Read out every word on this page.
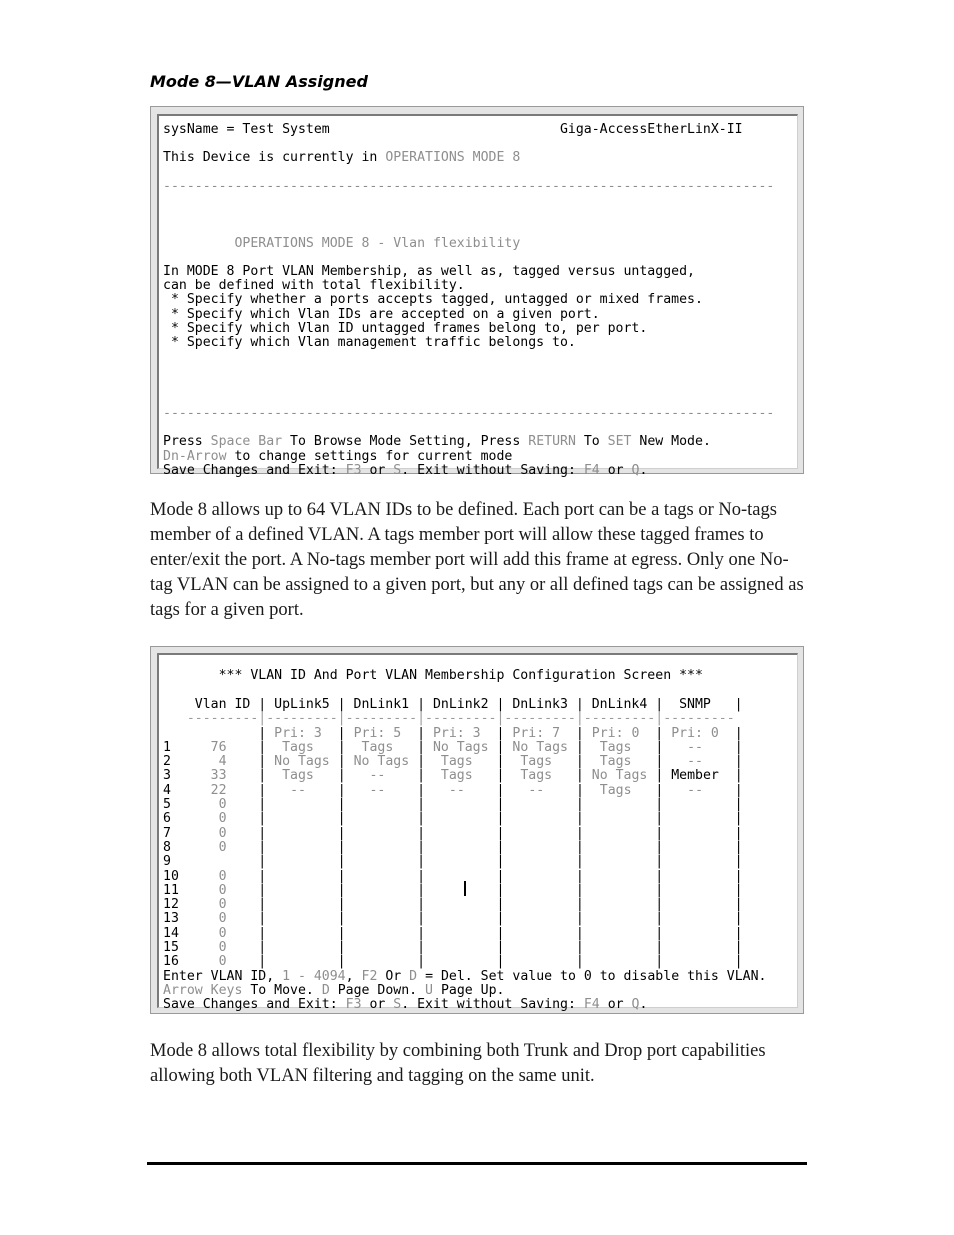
Mode 8—VLAN Assigned
sysName = Test System                             Giga-AccessEtherLinX-II
This Device is currently in OPERATIONS MODE 8
-----------------------------------------------------------------------------
OPERATIONS MODE 8 - Vlan flexibility
In MODE 8 Port VLAN Membership, as well as, tagged versus untagged,
can be defined with total flexibility.
* Specify whether a ports accepts tagged, untagged or mixed frames.
* Specify which Vlan IDs are accepted on a given port.
* Specify which Vlan ID untagged frames belong to, per port.
* Specify which Vlan management traffic belongs to.
-----------------------------------------------------------------------------
Press Space Bar To Browse Mode Setting, Press RETURN To SET New Mode.
Dn-Arrow to change settings for current mode
Save Changes and Exit: F3 or S. Exit without Saving: F4 or Q.
Mode 8 allows up to 64 VLAN IDs to be defined. Each port can be a tags or No-tags member of a defined VLAN. A tags member port will allow these tagged frames to enter/exit the port. A No-tags member port will add this frame at egress. Only one No-tag VLAN can be assigned to a given port, but any or all defined tags can be assigned as tags for a given port.
*** VLAN ID And Port VLAN Membership Configuration Screen ***
Vlan ID | UpLink5 | DnLink1 | DnLink2 | DnLink3 | DnLink4 |  SNMP   |
---------|---------|---------|---------|---------|---------|---------
| Pri: 3  | Pri: 5  | Pri: 3  | Pri: 7  | Pri: 0  | Pri: 0  |
1     76    |  Tags   |  Tags   | No Tags | No Tags |  Tags   |   --    |
2      4    | No Tags | No Tags |  Tags   |  Tags   |  Tags   |   --    |
3     33    |  Tags   |   --    |  Tags   |  Tags   | No Tags | Member  |
4     22    |   --    |   --    |   --    |   --    |  Tags   |   --    |
5      0    |         |         |         |         |         |         |
6      0    |         |         |         |         |         |         |
7      0    |         |         |         |         |         |         |
8      0    |         |         |         |         |         |         |
9           |         |         |         |         |         |         |
10     0    |         |         |         |         |         |         |
11     0    |         |         |         |         |         |         |
12     0    |         |         |         |         |         |         |
13     0    |         |         |         |         |         |         |
14     0    |         |         |         |         |         |         |
15     0    |         |         |         |         |         |         |
16     0    |         |         |         |         |         |         |
Enter VLAN ID, 1 - 4094, F2 Or D = Del. Set value to 0 to disable this VLAN.
Arrow Keys To Move. D Page Down. U Page Up.
Save Changes and Exit: F3 or S. Exit without Saving: F4 or Q.
Mode 8 allows total flexibility by combining both Trunk and Drop port capabilities allowing both VLAN filtering and tagging on the same unit.
